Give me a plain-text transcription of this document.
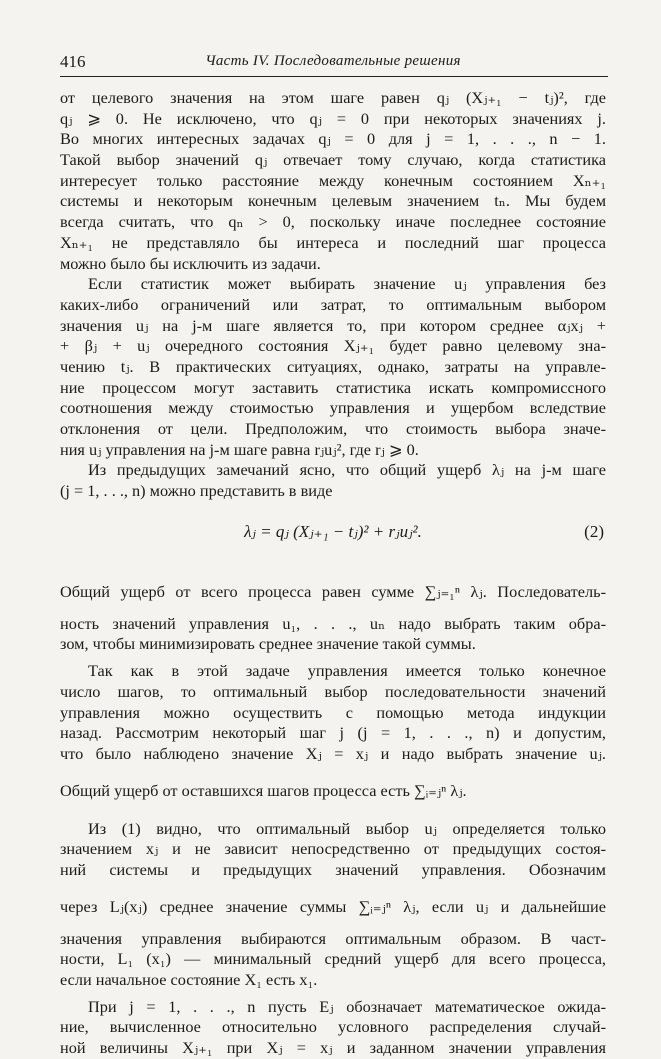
416	Часть IV. Последовательные решения
от целевого значения на этом шаге равен qⱼ (Xⱼ₊₁ − tⱼ)², где
qⱼ ⩾ 0. Не исключено, что qⱼ = 0 при некоторых значениях j.
Во многих интересных задачах qⱼ = 0 для j = 1, . . ., n − 1.
Такой выбор значений qⱼ отвечает тому случаю, когда статистика
интересует только расстояние между конечным состоянием Xₙ₊₁
системы и некоторым конечным целевым значением tₙ. Мы будем
всегда считать, что qₙ > 0, поскольку иначе последнее состояние
Xₙ₊₁ не представляло бы интереса и последний шаг процесса
можно было бы исключить из задачи.
Если статистик может выбирать значение uⱼ управления без
каких-либо ограничений или затрат, то оптимальным выбором
значения uⱼ на j-м шаге является то, при котором среднее αⱼxⱼ +
+ βⱼ + uⱼ очередного состояния Xⱼ₊₁ будет равно целевому зна-
чению tⱼ. В практических ситуациях, однако, затраты на управле-
ние процессом могут заставить статистика искать компромиссного
соотношения между стоимостью управления и ущербом вследствие
отклонения от цели. Предположим, что стоимость выбора значе-
ния uⱼ управления на j-м шаге равна rⱼuⱼ², где rⱼ ⩾ 0.
Из предыдущих замечаний ясно, что общий ущерб λⱼ на j-м шаге
(j = 1, . . ., n) можно представить в виде
λⱼ = qⱼ (Xⱼ₊₁ − tⱼ)² + rⱼuⱼ².	(2)
Общий ущерб от всего процесса равен сумме ∑ⱼ₌₁ⁿ λⱼ. Последователь-
ность значений управления u₁, . . ., uₙ надо выбрать таким обра-
зом, чтобы минимизировать среднее значение такой суммы.
Так как в этой задаче управления имеется только конечное
число шагов, то оптимальный выбор последовательности значений
управления можно осуществить с помощью метода индукции
назад. Рассмотрим некоторый шаг j (j = 1, . . ., n) и допустим,
что было наблюдено значение Xⱼ = xⱼ и надо выбрать значение uⱼ.
Общий ущерб от оставшихся шагов процесса есть ∑ᵢ₌ⱼⁿ λⱼ.
Из (1) видно, что оптимальный выбор uⱼ определяется только
значением xⱼ и не зависит непосредственно от предыдущих состоя-
ний системы и предыдущих значений управления. Обозначим
через Lⱼ(xⱼ) среднее значение суммы ∑ᵢ₌ⱼⁿ λⱼ, если uⱼ и дальнейшие
значения управления выбираются оптимальным образом. В част-
ности, L₁ (x₁) — минимальный средний ущерб для всего процесса,
если начальное состояние X₁ есть x₁.
При j = 1, . . ., n пусть Eⱼ обозначает математическое ожида-
ние, вычисленное относительно условного распределения случай-
ной величины Xⱼ₊₁ при Xⱼ = xⱼ и заданном значении управления
